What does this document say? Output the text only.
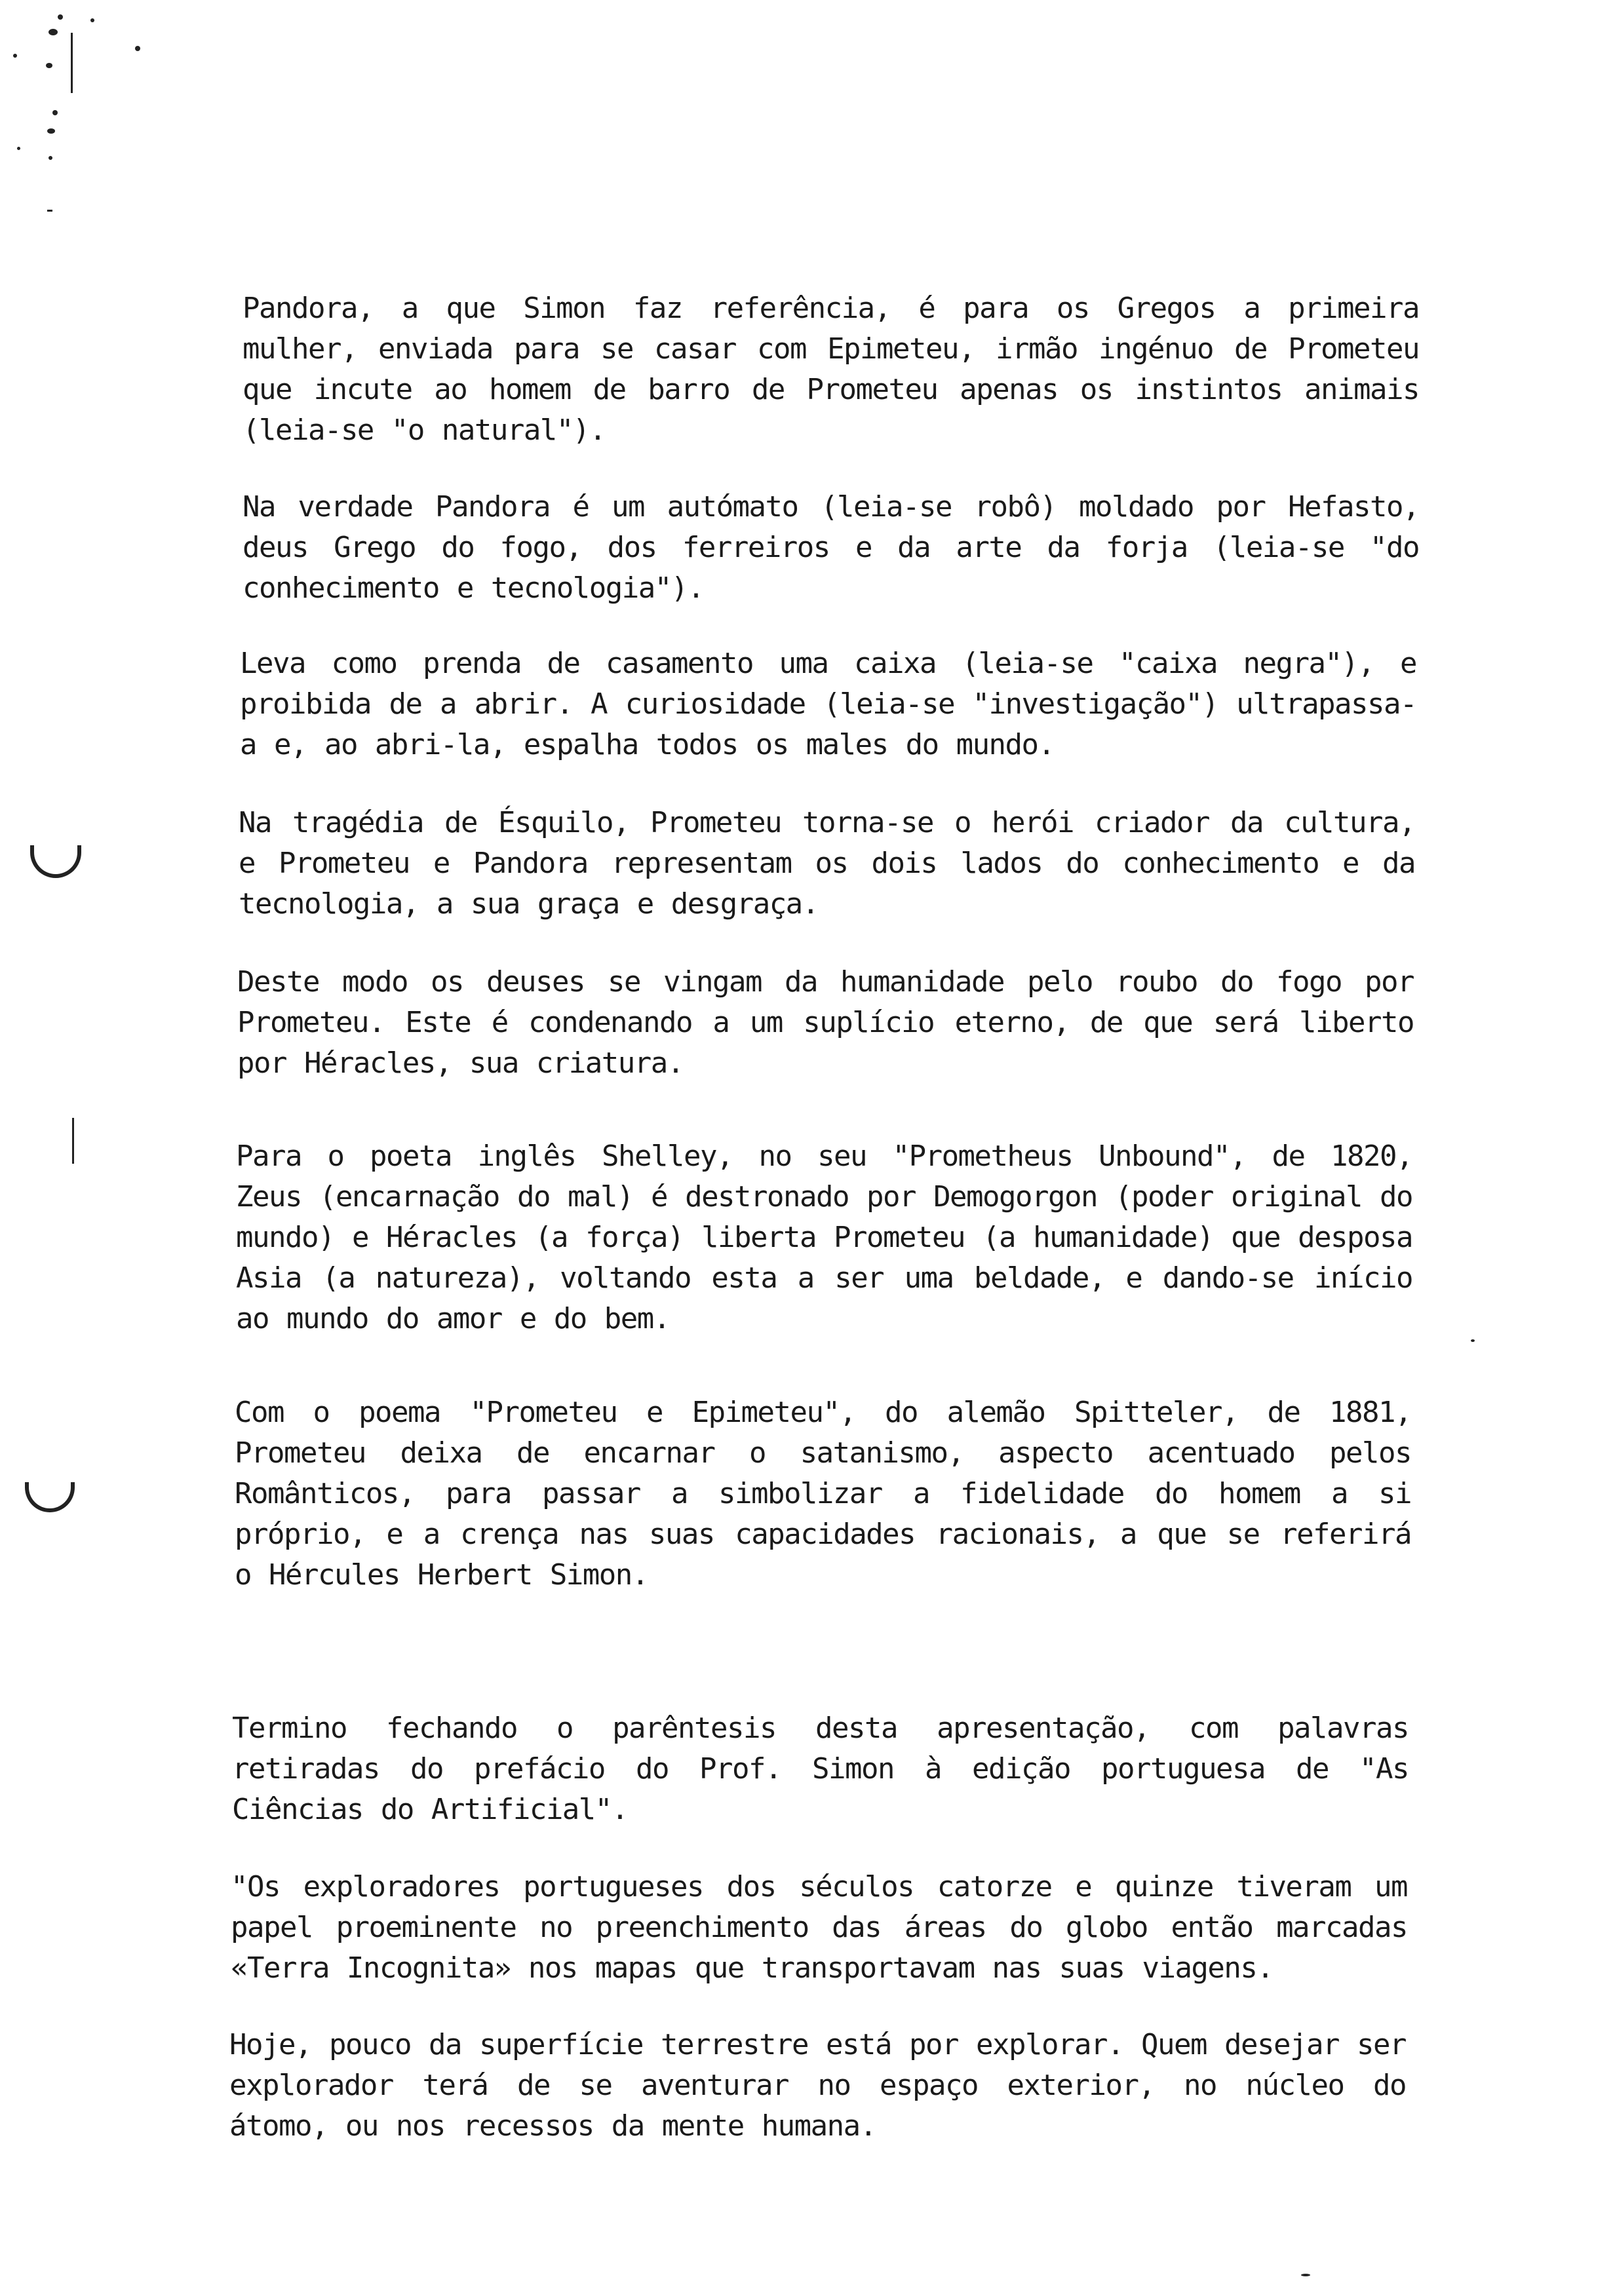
Pandora, a que Simon faz referência, é para os Gregos a primeira mulher, enviada para se casar com Epimeteu, irmão ingénuo de Prometeu que incute ao homem de barro de Prometeu apenas os instintos animais (leia-se "o natural").

Na verdade Pandora é um autómato (leia-se robô) moldado por Hefasto, deus Grego do fogo, dos ferreiros e da arte da forja (leia-se "do conhecimento e tecnologia").

Leva como prenda de casamento uma caixa (leia-se "caixa negra"), e proibida de a abrir. A curiosidade (leia-se "investigação") ultrapassa-a e, ao abri-la, espalha todos os males do mundo.

Na tragédia de Ésquilo, Prometeu torna-se o herói criador da cultura, e Prometeu e Pandora representam os dois lados do conhecimento e da tecnologia, a sua graça e desgraça.

Deste modo os deuses se vingam da humanidade pelo roubo do fogo por Prometeu. Este é condenando a um suplício eterno, de que será liberto por Héracles, sua criatura.

Para o poeta inglês Shelley, no seu "Prometheus Unbound", de 1820, Zeus (encarnação do mal) é destronado por Demogorgon (poder original do mundo) e Héracles (a força) liberta Prometeu (a humanidade) que desposa Asia (a natureza), voltando esta a ser uma beldade, e dando-se início ao mundo do amor e do bem.

Com o poema "Prometeu e Epimeteu", do alemão Spitteler, de 1881, Prometeu deixa de encarnar o satanismo, aspecto acentuado pelos Românticos, para passar a simbolizar a fidelidade do homem a si próprio, e a crença nas suas capacidades racionais, a que se referirá o Hércules Herbert Simon.

Termino fechando o parêntesis desta apresentação, com palavras retiradas do prefácio do Prof. Simon à edição portuguesa de "As Ciências do Artificial".

"Os exploradores portugueses dos séculos catorze e quinze tiveram um papel proeminente no preenchimento das áreas do globo então marcadas «Terra Incognita» nos mapas que transportavam nas suas viagens.

Hoje, pouco da superfície terrestre está por explorar. Quem desejar ser explorador terá de se aventurar no espaço exterior, no núcleo do átomo, ou nos recessos da mente humana.
